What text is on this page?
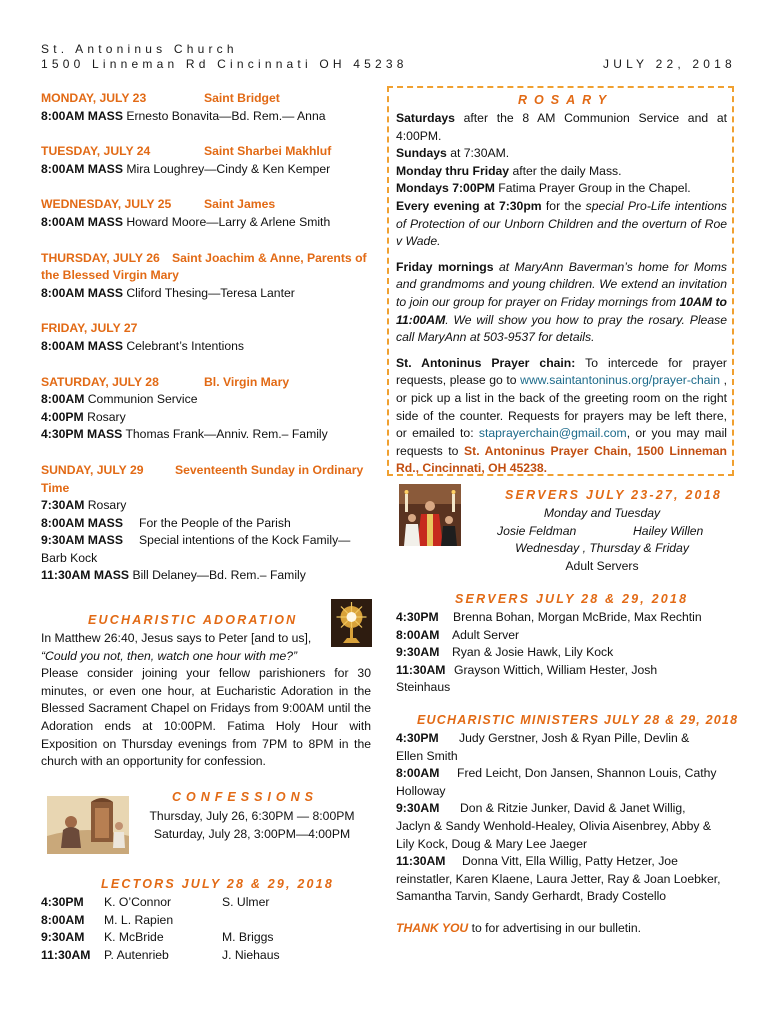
St. Antoninus Church
1500 Linneman Rd Cincinnati OH 45238	JULY 22, 2018
MONDAY, JULY 23	Saint Bridget
8:00AM MASS Ernesto Bonavita—Bd. Rem.— Anna
TUESDAY, JULY 24	Saint Sharbei Makhluf
8:00AM MASS Mira Loughrey—Cindy & Ken Kemper
WEDNESDAY, JULY 25	Saint James
8:00AM MASS Howard Moore—Larry & Arlene Smith
THURSDAY, JULY 26 Saint Joachim & Anne, Parents of
the Blessed Virgin Mary
8:00AM MASS Cliford Thesing—Teresa Lanter
FRIDAY, JULY 27
8:00AM MASS Celebrant’s Intentions
SATURDAY, JULY 28	Bl. Virgin Mary
8:00AM Communion Service
4:00PM Rosary
4:30PM MASS Thomas Frank—Anniv. Rem.– Family
SUNDAY, JULY 29	Seventeenth Sunday in Ordinary
Time
7:30AM Rosary
8:00AM MASS For the People of the Parish
9:30AM MASS Special intentions of the Kock Family—
Barb Kock
11:30AM MASS Bill Delaney—Bd. Rem.– Family
EUCHARISTIC ADORATION
In Matthew 26:40, Jesus says to Peter [and to us],
“Could you not, then, watch one hour with me?”
Please consider joining your fellow parishioners for 30 minutes, or even one hour, at Eucharistic Adoration in the Blessed Sacrament Chapel on Fridays from 9:00AM until the Adoration ends at 10:00PM. Fatima Holy Hour with Exposition on Thursday evenings from 7PM to 8PM in the church with an opportunity for confession.
CONFESSIONS
Thursday, July 26, 6:30PM — 8:00PM
Saturday, July 28, 3:00PM—4:00PM
LECTORS JULY 28 & 29, 2018
4:30PM K. O’Connor	S. Ulmer
8:00AM M. L. Rapien
9:30AM K. McBride	M. Briggs
11:30AM P. Autenrieb	J. Niehaus
ROSARY
Saturdays after the 8 AM Communion Service and at 4:00PM.
Sundays at 7:30AM.
Monday thru Friday after the daily Mass.
Mondays 7:00PM Fatima Prayer Group in the Chapel.
Every evening at 7:30pm for the special Pro-Life intentions of Protection of our Unborn Children and the overturn of Roe v Wade.
Friday mornings at MaryAnn Baverman’s home for Moms and grandmoms and young children. We extend an invitation to join our group for prayer on Friday mornings from 10AM to 11:00AM. We will show you how to pray the rosary. Please call MaryAnn at 503-9537 for details.
St. Antoninus Prayer chain: To intercede for prayer requests, please go to www.saintantoninus.org/prayer-chain , or pick up a list in the back of the greeting room on the right side of the counter. Requests for prayers may be left there, or emailed to: staprayerchain@gmail.com, or you may mail requests to St. Antoninus Prayer Chain, 1500 Linneman Rd., Cincinnati, OH 45238.
SERVERS JULY 23-27, 2018
Monday and Tuesday
Josie Feldman	Hailey Willen
Wednesday , Thursday & Friday
Adult Servers
SERVERS JULY 28 & 29, 2018
4:30PM Brenna Bohan, Morgan McBride, Max Rechtin
8:00AM Adult Server
9:30AM Ryan & Josie Hawk, Lily Kock
11:30AM Grayson Wittich, William Hester, Josh
Steinhaus
EUCHARISTIC MINISTERS JULY 28 & 29, 2018
4:30PM Judy Gerstner, Josh & Ryan Pille, Devlin &
Ellen Smith
8:00AM Fred Leicht, Don Jansen, Shannon Louis, Cathy
Holloway
9:30AM Don & Ritzie Junker, David & Janet Willig,
Jaclyn & Sandy Wenhold-Healey, Olivia Aisenbrey, Abby &
Lily Kock, Doug & Mary Lee Jaeger
11:30AM Donna Vitt, Ella Willig, Patty Hetzer, Joe
reinstatler, Karen Klaene, Laura Jetter, Ray & Joan Loebker,
Samantha Tarvin, Sandy Gerhardt, Brady Costello
THANK YOU to for advertising in our bulletin.
